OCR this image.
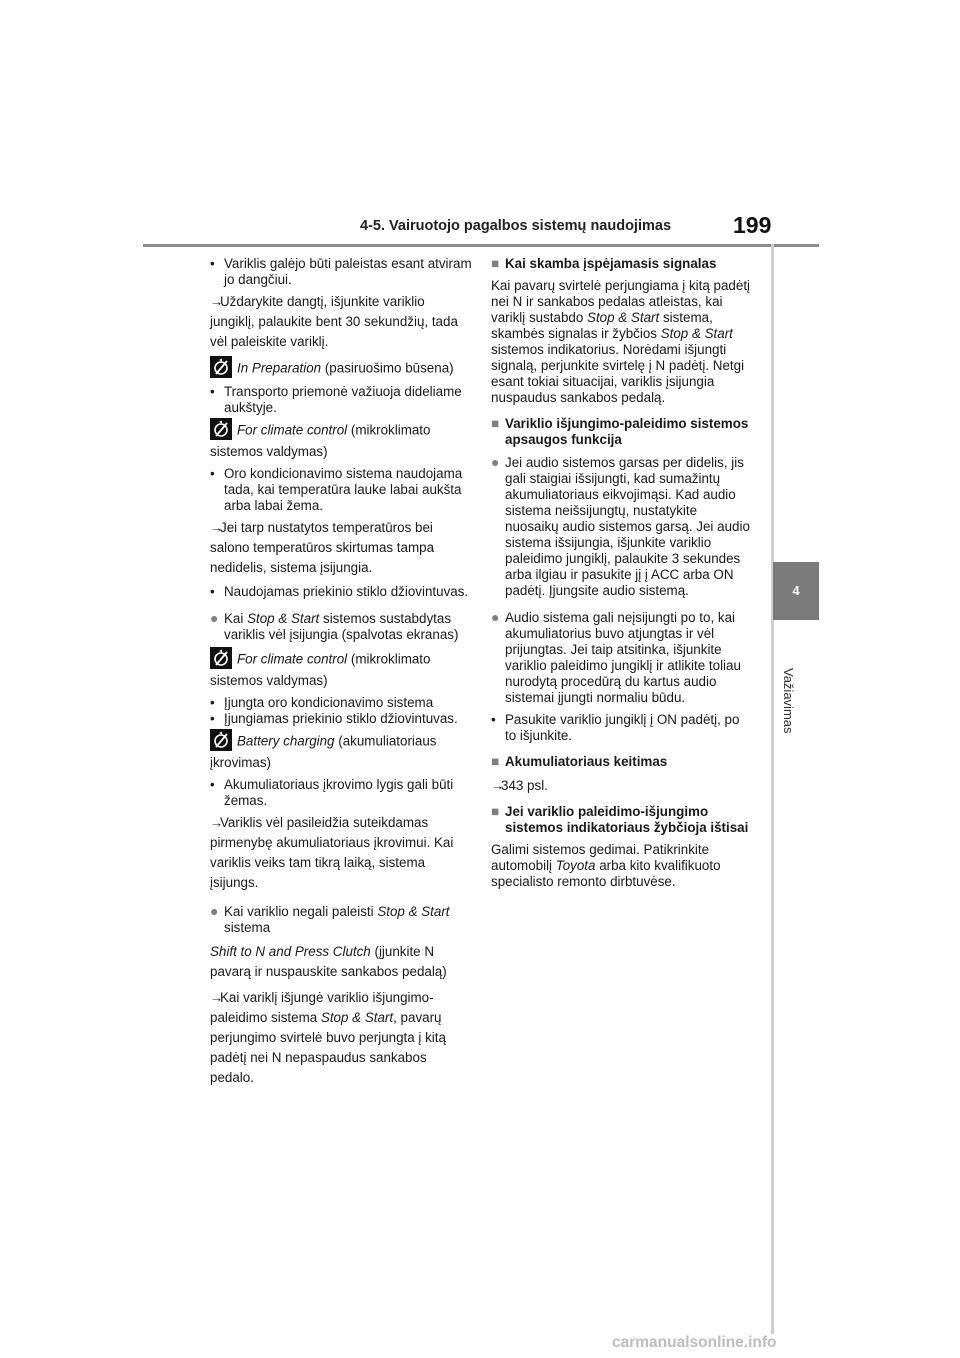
4-5. Vairuotojo pagalbos sistemų naudojimas	199
4
Važiavimas

• Variklis galėjo būti paleistas esant atviram jo dangčiui.

→Uždarykite dangtį, išjunkite variklio jungiklį, palaukite bent 30 sekundžių, tada vėl paleiskite variklį.

In Preparation (pasiruošimo būsena)

• Transporto priemonė važiuoja dideliame aukštyje.

For climate control (mikroklimato sistemos valdymas)

• Oro kondicionavimo sistema naudojama tada, kai temperatūra lauke labai aukšta arba labai žema.

→Jei tarp nustatytos temperatūros bei salono temperatūros skirtumas tampa nedidelis, sistema įsijungia.

• Naudojamas priekinio stiklo džiovintuvas.

● Kai Stop & Start sistemos sustabdytas variklis vėl įsijungia (spalvotas ekranas)

For climate control (mikroklimato sistemos valdymas)

• Įjungta oro kondicionavimo sistema

• Įjungiamas priekinio stiklo džiovintuvas.

Battery charging (akumuliatoriaus įkrovimas)

• Akumuliatoriaus įkrovimo lygis gali būti žemas.

→Variklis vėl pasileidžia suteikdamas pirmenybę akumuliatoriaus įkrovimui. Kai variklis veiks tam tikrą laiką, sistema įsijungs.

● Kai variklio negali paleisti Stop & Start sistema

Shift to N and Press Clutch (įjunkite N pavarą ir nuspauskite sankabos pedalą)

→Kai variklį išjungė variklio išjungimo-paleidimo sistema Stop & Start, pavarų perjungimo svirtelė buvo perjungta į kitą padėtį nei N nepaspaudus sankabos pedalo.

■ Kai skamba įspėjamasis signalas

Kai pavarų svirtelė perjungiama į kitą padėtį nei N ir sankabos pedalas atleistas, kai variklį sustabdo Stop & Start sistema, skambės signalas ir žybčios Stop & Start sistemos indikatorius. Norėdami išjungti signalą, perjunkite svirtelę į N padėtį. Netgi esant tokiai situacijai, variklis įsijungia nuspaudus sankabos pedalą.

■ Variklio išjungimo-paleidimo sistemos apsaugos funkcija

● Jei audio sistemos garsas per didelis, jis gali staigiai išsijungti, kad sumažintų akumuliatoriaus eikvojimąsi. Kad audio sistema neišsijungtų, nustatykite nuosaikų audio sistemos garsą. Jei audio sistema išsijungia, išjunkite variklio paleidimo jungiklį, palaukite 3 sekundes arba ilgiau ir pasukite jį į ACC arba ON padėtį. Įjungsite audio sistemą.

● Audio sistema gali neįsijungti po to, kai akumuliatorius buvo atjungtas ir vėl prijungtas. Jei taip atsitinka, išjunkite variklio paleidimo jungiklį ir atlikite toliau nurodytą procedūrą du kartus audio sistemai įjungti normaliu būdu.

• Pasukite variklio jungiklį į ON padėtį, po to išjunkite.

■ Akumuliatoriaus keitimas

→343 psl.

■ Jei variklio paleidimo-išjungimo sistemos indikatoriaus žybčioja ištisai

Galimi sistemos gedimai. Patikrinkite automobilį Toyota arba kito kvalifikuoto specialisto remonto dirbtuvėse.

carmanualsonline.info
